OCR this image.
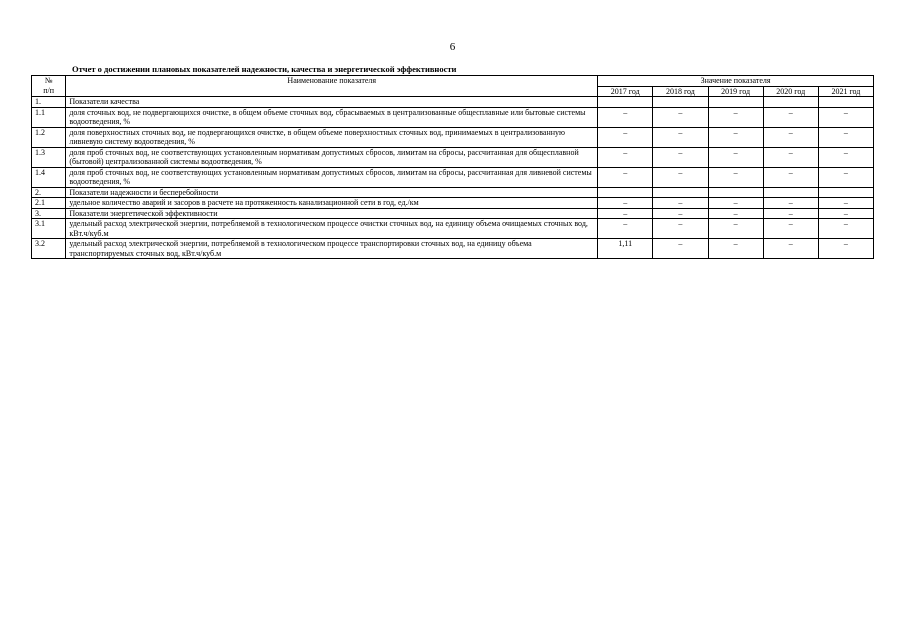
6
Отчет о достижении плановых показателей надежности, качества и энергетической эффективности
№
п/п	Наименование показателя	Значение показателя				
		2017 год	2018 год	2019 год	2020 год	2021 год
1.	Показатели качества					
1.1	доля сточных вод, не подвергающихся очистке, в общем объеме сточных вод, сбрасываемых в централизованные общесплавные или бытовые системы водоотведения, %	–	–	–	–	–
1.2	доля поверхностных сточных вод, не подвергающихся очистке, в общем объеме поверхностных сточных вод, принимаемых в централизованную ливневую систему водоотведения, %	–	–	–	–	–
1.3	доля проб сточных вод, не соответствующих установленным нормативам допустимых сбросов, лимитам на сбросы, рассчитанная для общесплавной (бытовой) централизованной системы водоотведения, %	–	–	–	–	–
1.4	доля проб сточных вод, не соответствующих установленным нормативам допустимых сбросов, лимитам на сбросы, рассчитанная для ливневой системы водоотведения, %	–	–	–	–	–
2.	Показатели надежности и бесперебойности					
2.1	удельное количество аварий и засоров в расчете на протяженность канализационной сети в год, ед./км	–	–	–	–	–
3.	Показатели энергетической эффективности	–	–	–	–	–
3.1	удельный расход электрической энергии, потребляемой в технологическом процессе очистки сточных вод, на единицу объема очищаемых сточных вод, кВт.ч/куб.м	–	–	–	–	–
3.2	удельный расход электрической энергии, потребляемой в технологическом процессе транспортировки сточных вод, на единицу объема транспортируемых сточных вод, кВт.ч/куб.м	1,11	–	–	–	–
